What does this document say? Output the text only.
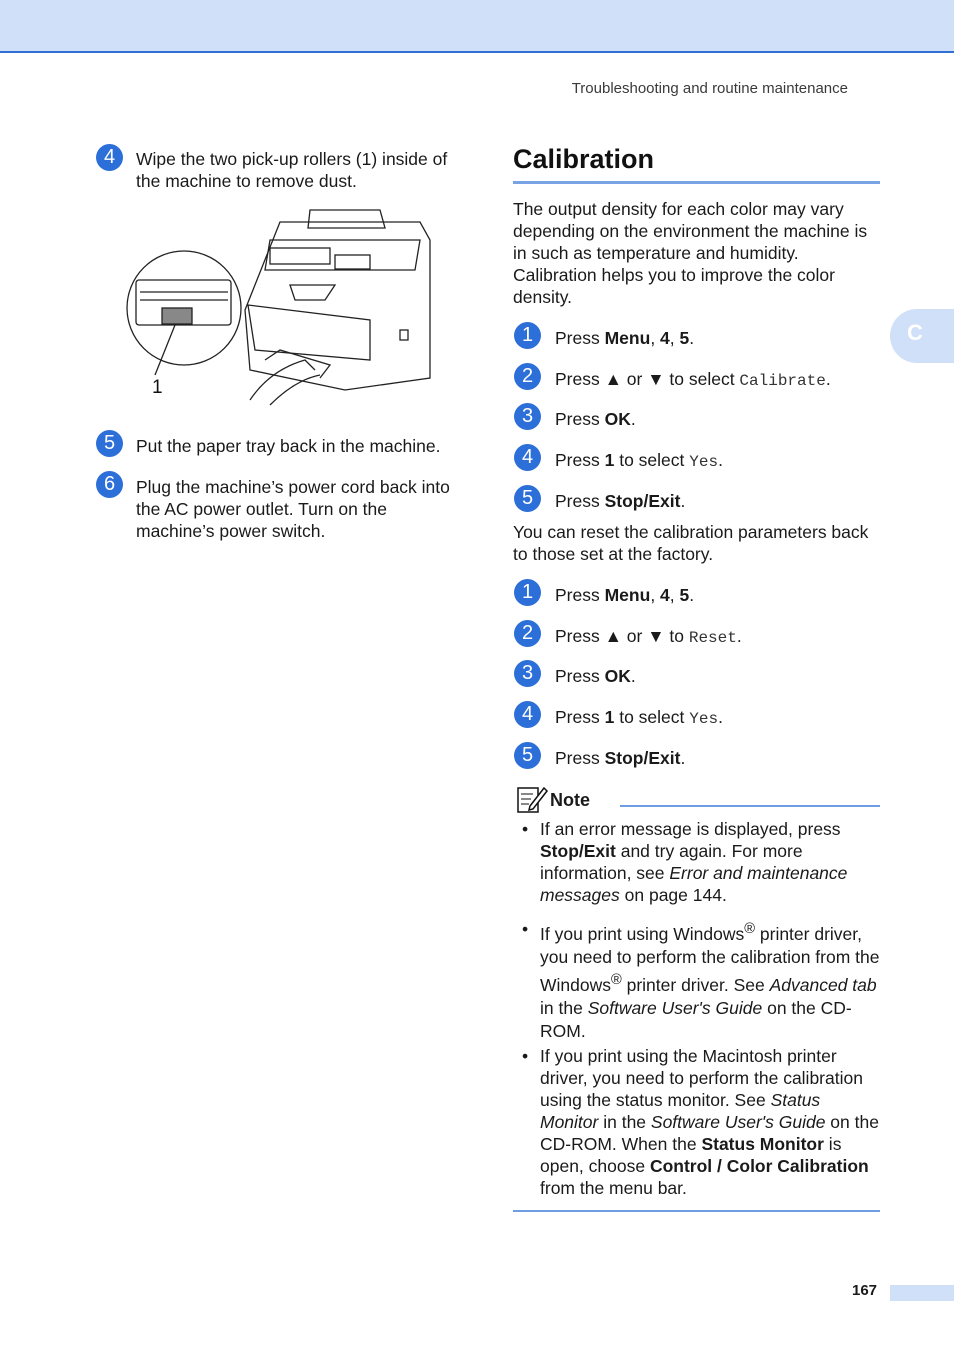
Troubleshooting and routine maintenance
C
4	Wipe the two pick-up rollers (1) inside of the machine to remove dust.
1
5	Put the paper tray back in the machine.
6	Plug the machine’s power cord back into the AC power outlet. Turn on the machine’s power switch.
Calibration
The output density for each color may vary depending on the environment the machine is in such as temperature and humidity. Calibration helps you to improve the color density.
1	Press Menu, 4, 5.
2	Press ▲ or ▼ to select Calibrate.
3	Press OK.
4	Press 1 to select Yes.
5	Press Stop/Exit.
You can reset the calibration parameters back to those set at the factory.
1	Press Menu, 4, 5.
2	Press ▲ or ▼ to Reset.
3	Press OK.
4	Press 1 to select Yes.
5	Press Stop/Exit.
Note
• If an error message is displayed, press Stop/Exit and try again. For more information, see Error and maintenance messages on page 144.
• If you print using Windows® printer driver, you need to perform the calibration from the Windows® printer driver. See Advanced tab in the Software User's Guide on the CD-ROM.
• If you print using the Macintosh printer driver, you need to perform the calibration using the status monitor. See Status Monitor in the Software User's Guide on the CD-ROM. When the Status Monitor is open, choose Control / Color Calibration from the menu bar.
167
